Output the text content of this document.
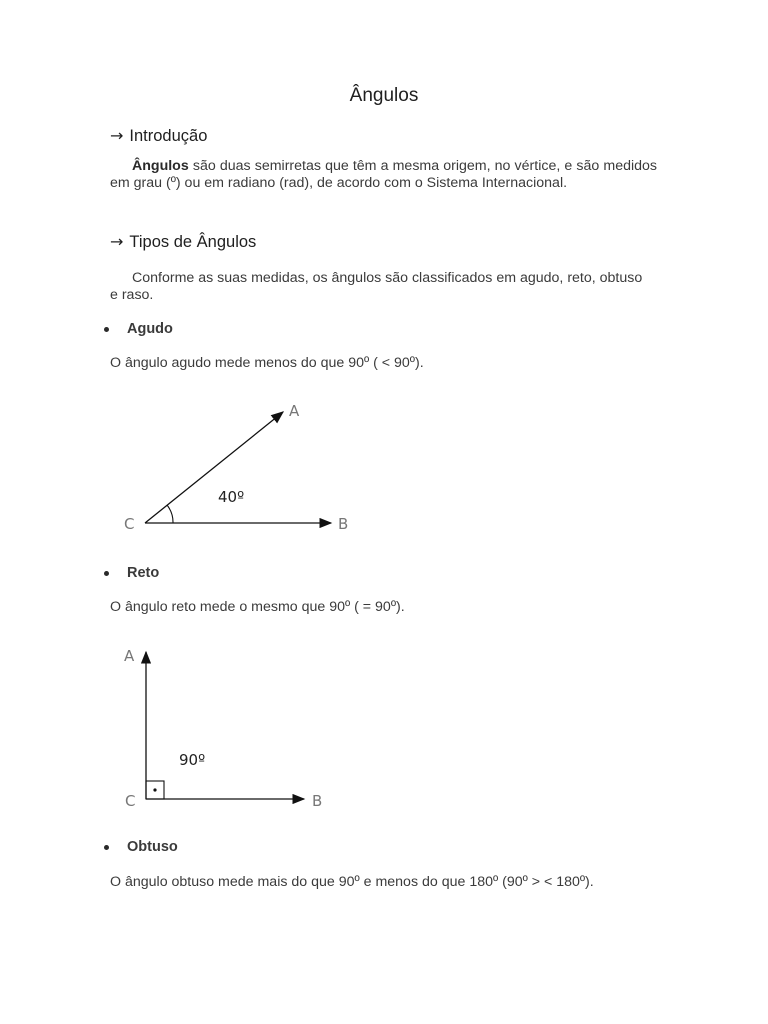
Ângulos
→ Introdução
Ângulos são duas semirretas que têm a mesma origem, no vértice, e são medidos em grau (º) ou em radiano (rad), de acordo com o Sistema Internacional.
→ Tipos de Ângulos
Conforme as suas medidas, os ângulos são classificados em agudo, reto, obtuso e raso.
Agudo
O ângulo agudo mede menos do que 90º ( < 90º).
A
B
C
40º
Reto
O ângulo reto mede o mesmo que 90º ( = 90º).
A
B
C
90º
Obtuso
O ângulo obtuso mede mais do que 90º e menos do que 180º (90º > < 180º).
